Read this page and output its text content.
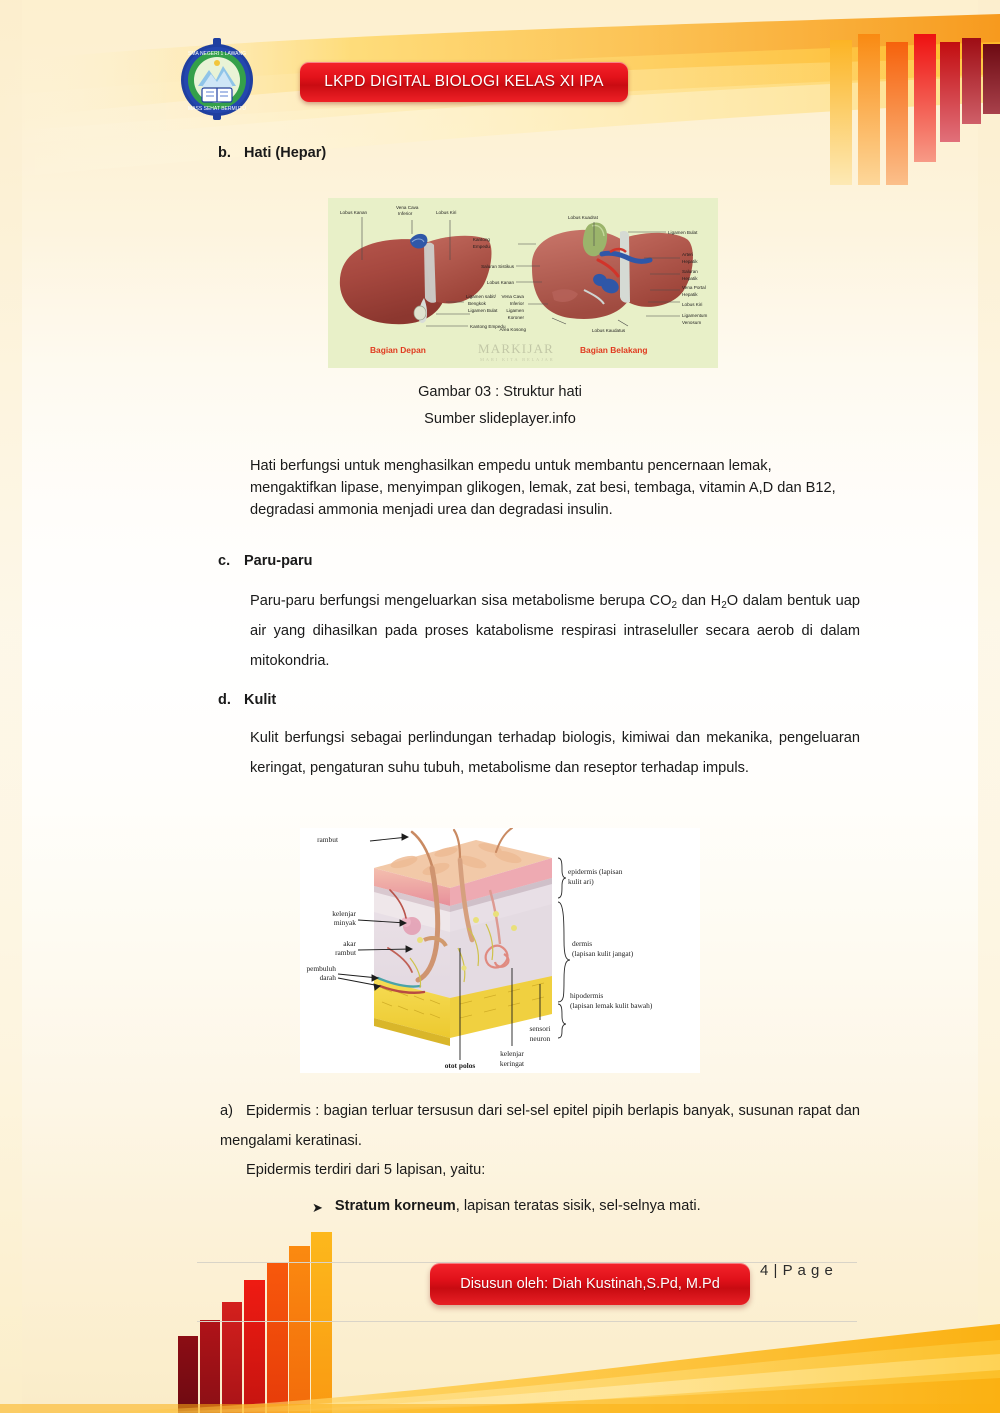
SMA NEGERI 1 LAWANG
MASS SEHAT BERMUTU
LKPD DIGITAL BIOLOGI KELAS XI IPA
b. Hati (Hepar)
Lobus Kanan
Vena Cava
Inferior	Lobus Kiri
Ligamen sabit/
Bengkok
Ligamen Bulat
Kantong Empedu
Kantong
Empedu
Saluran Sistikus
Lobus Kanan
Vena Cava
Inferior
Ligamen
Koroner
Area Kosong
Lobus Kuadrat
Ligamen Bulat
Arteri
Hepatik
Saluran
Hepatik
Vena Portal
Hepatik
Lobus Kiri
Ligamentum
Venosum
Lobus Kaudatus
Bagian Depan	Bagian Belakang
MARKIJAR
MARI KITA BELAJAR
Gambar 03 : Struktur hati
Sumber slideplayer.info
Hati berfungsi untuk menghasilkan empedu untuk membantu pencernaan lemak, mengaktifkan lipase, menyimpan glikogen, lemak, zat besi, tembaga, vitamin A,D dan B12, degradasi ammonia menjadi urea dan degradasi insulin.
c. Paru-paru
Paru-paru berfungsi mengeluarkan sisa metabolisme berupa $CO_2$ dan $H_2O$ dalam bentuk uap air yang dihasilkan pada proses katabolisme respirasi intraseluller secara aerob di dalam mitokondria.
d. Kulit
Kulit berfungsi sebagai perlindungan terhadap biologis, kimiwai dan mekanika, pengeluaran keringat, pengaturan suhu tubuh, metabolisme dan reseptor terhadap impuls.
rambut
kelenjar
minyak
akar
rambut
pembuluh
darah
epidermis (lapisan
kulit ari)
dermis
(lapisan kulit jangat)
hipodermis
(lapisan lemak kulit bawah)
sensori
neuron
kelenjar
keringat
otot polos
a) Epidermis : bagian terluar tersusun dari sel-sel epitel pipih berlapis banyak, susunan rapat dan mengalami keratinasi.
Epidermis terdiri dari 5 lapisan, yaitu:
➤ Stratum korneum, lapisan teratas sisik, sel-selnya mati.
Disusun oleh: Diah Kustinah,S.Pd, M.Pd
4 | P a g e
